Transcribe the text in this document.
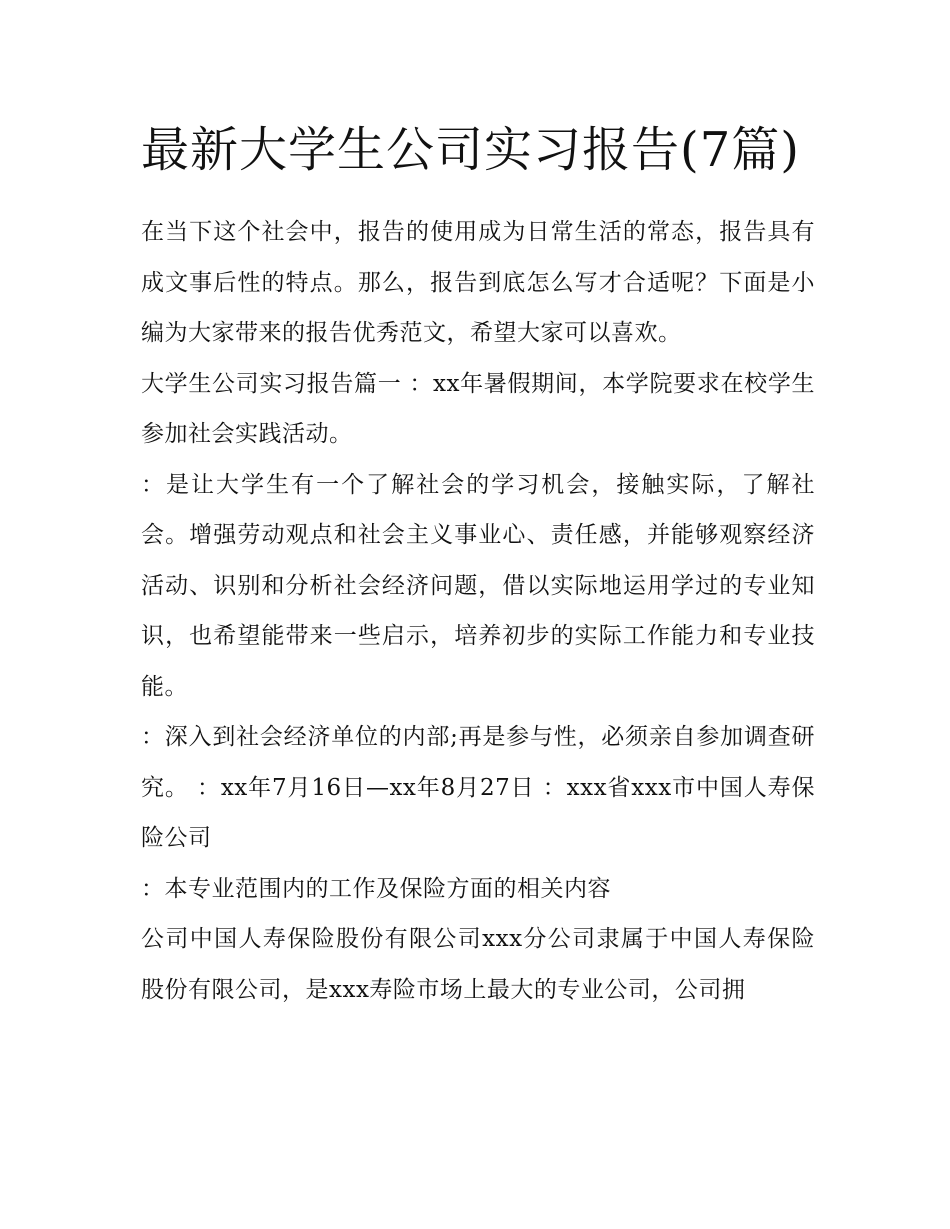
最新大学生公司实习报告(7篇)

在当下这个社会中，报告的使用成为日常生活的常态，报告具有成文事后性的特点。那么，报告到底怎么写才合适呢？下面是小编为大家带来的报告优秀范文，希望大家可以喜欢。

大学生公司实习报告篇一 ：xx年暑假期间，本学院要求在校学生参加社会实践活动。

：是让大学生有一个了解社会的学习机会，接触实际，了解社会。增强劳动观点和社会主义事业心、责任感，并能够观察经济活动、识别和分析社会经济问题，借以实际地运用学过的专业知识，也希望能带来一些启示，培养初步的实际工作能力和专业技能。

：深入到社会经济单位的内部;再是参与性，必须亲自参加调查研究。 ：xx年7月16日—xx年8月27日 ：xxx省xxx市中国人寿保险公司

：本专业范围内的工作及保险方面的相关内容

公司中国人寿保险股份有限公司xxx分公司隶属于中国人寿保险股份有限公司，是xxx寿险市场上最大的专业公司，公司拥
